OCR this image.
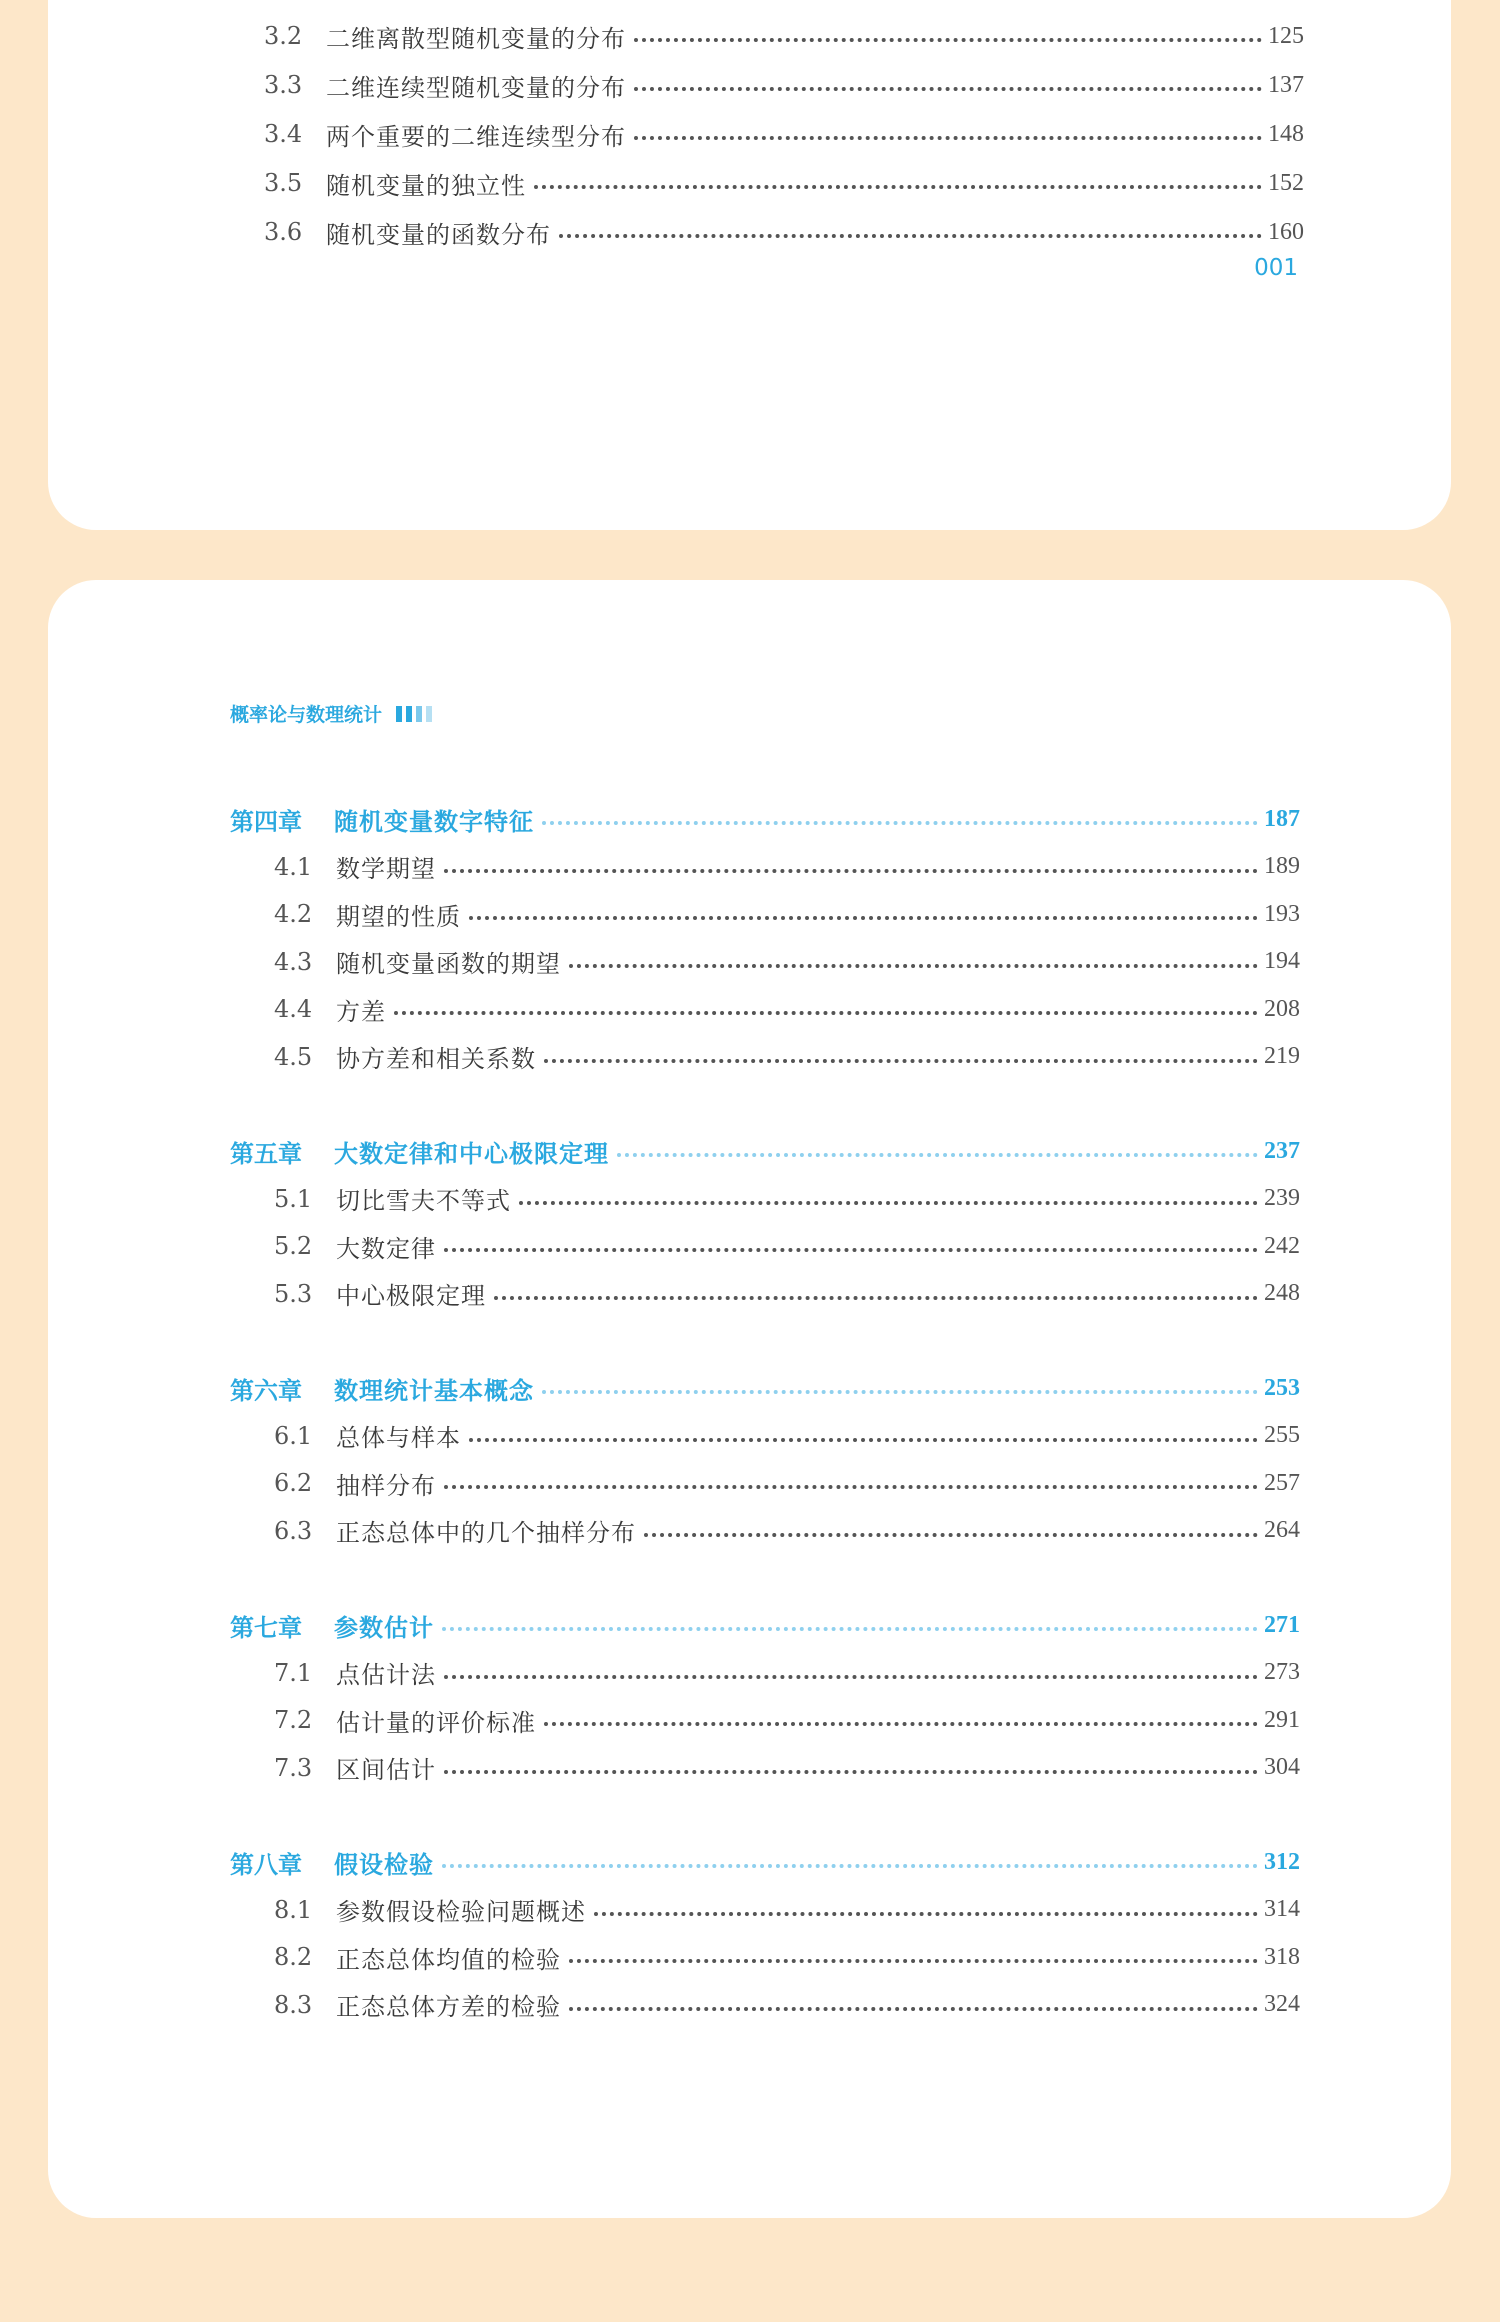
3.2 二维离散型随机变量的分布	125
3.3 二维连续型随机变量的分布	137
3.4 两个重要的二维连续型分布	148
3.5 随机变量的独立性	152
3.6 随机变量的函数分布	160
001
概率论与数理统计
第四章	随机变量数字特征	187
4.1 数学期望	189
4.2 期望的性质	193
4.3 随机变量函数的期望	194
4.4 方差	208
4.5 协方差和相关系数	219
第五章	大数定律和中心极限定理	237
5.1 切比雪夫不等式	239
5.2 大数定律	242
5.3 中心极限定理	248
第六章	数理统计基本概念	253
6.1 总体与样本	255
6.2 抽样分布	257
6.3 正态总体中的几个抽样分布	264
第七章	参数估计	271
7.1 点估计法	273
7.2 估计量的评价标准	291
7.3 区间估计	304
第八章	假设检验	312
8.1 参数假设检验问题概述	314
8.2 正态总体均值的检验	318
8.3 正态总体方差的检验	324
